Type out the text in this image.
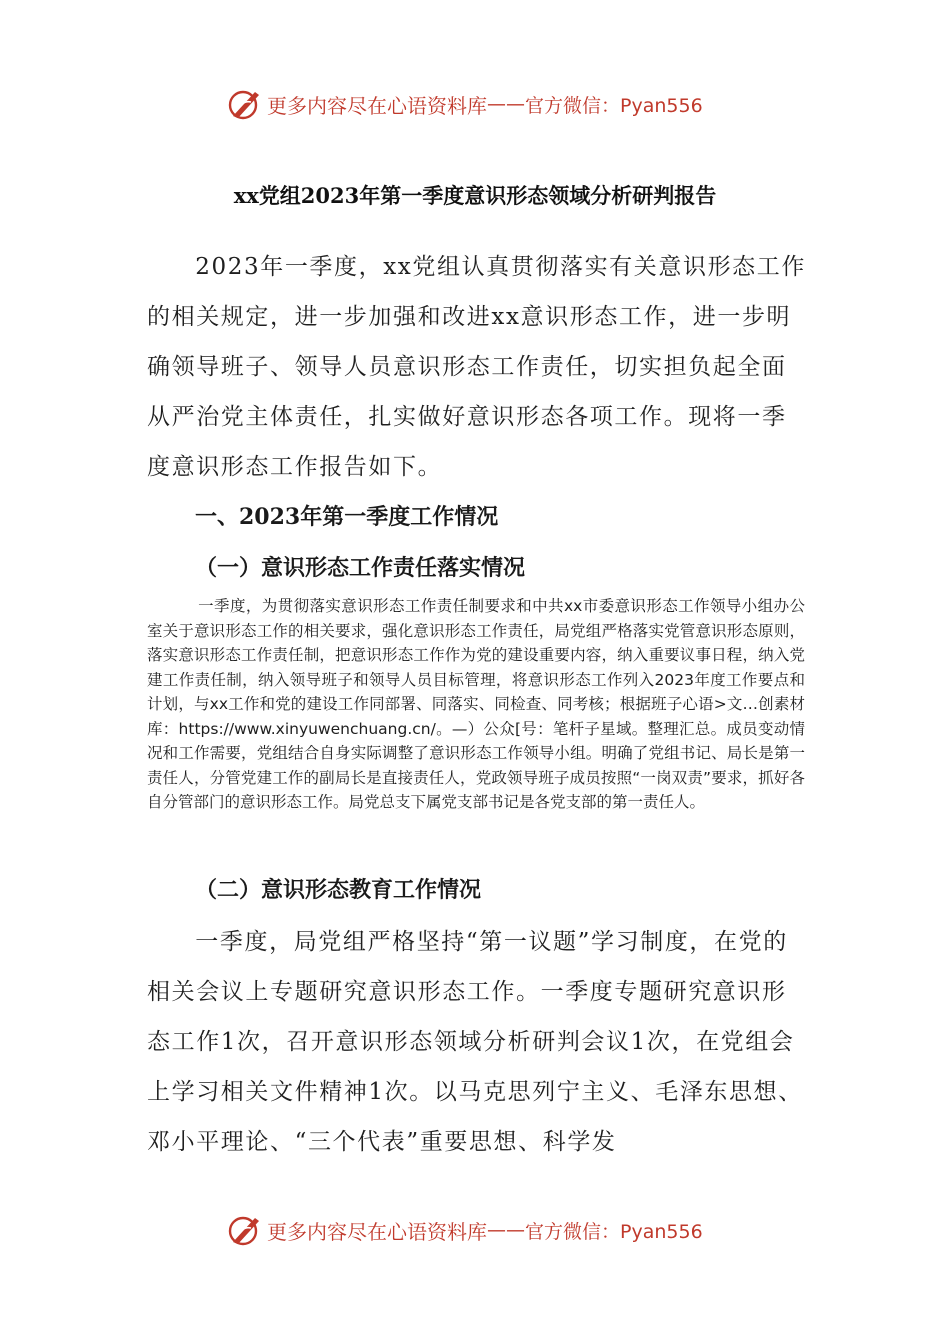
更多内容尽在心语资料库 —— 官方微信：Pyan556
xx党组2023年第一季度意识形态领域分析研判报告
2023年一季度，xx党组认真贯彻落实有关意识形态工作的相关规定，进一步加强和改进xx意识形态工作，进一步明确领导班子、领导人员意识形态工作责任，切实担负起全面从严治党主体责任，扎实做好意识形态各项工作。现将一季度意识形态工作报告如下。
一、2023年第一季度工作情况
（一）意识形态工作责任落实情况
一季度，为贯彻落实意识形态工作责任制要求和中共xx市委意识形态工作领导小组办公室关于意识形态工作的相关要求，强化意识形态工作责任，局党组严格落实党管意识形态原则，落实意识形态工作责任制，把意识形态工作作为党的建设重要内容，纳入重要议事日程，纳入党建工作责任制，纳入领导班子和领导人员目标管理，将意识形态工作列入2023年度工作要点和计划，与xx工作和党的建设工作同部署、同落实、同检查、同考核；根据班子心语>文…创素材库：https://www.xinyuwenchuang.cn/。—）公众[号：笔杆子星域。整理汇总。成员变动情况和工作需要，党组结合自身实际调整了意识形态工作领导小组。明确了党组书记、局长是第一责任人，分管党建工作的副局长是直接责任人，党政领导班子成员按照“一岗双责”要求，抓好各自分管部门的意识形态工作。局党总支下属党支部书记是各党支部的第一责任人。
（二）意识形态教育工作情况
一季度，局党组严格坚持“第一议题”学习制度，在党的相关会议上专题研究意识形态工作。一季度专题研究意识形态工作1次，召开意识形态领域分析研判会议1次，在党组会上学习相关文件精神1次。以马克思列宁主义、毛泽东思想、邓小平理论、“三个代表”重要思想、科学发
更多内容尽在心语资料库 —— 官方微信：Pyan556
